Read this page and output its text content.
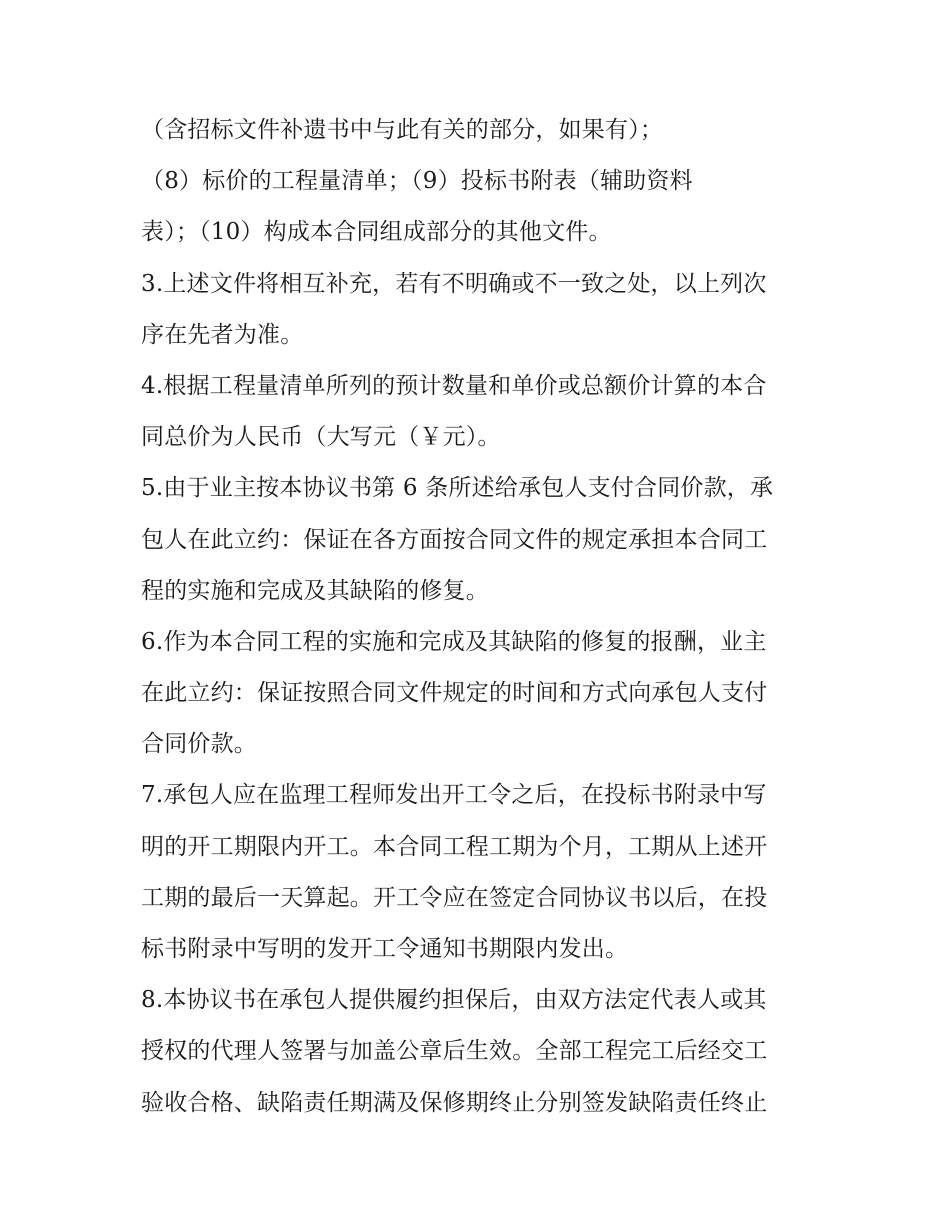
（含招标文件补遗书中与此有关的部分，如果有）；
（8）标价的工程量清单；（9）投标书附表（辅助资料
表）；（10）构成本合同组成部分的其他文件。
3.上述文件将相互补充，若有不明确或不一致之处，以上列次
序在先者为准。
4.根据工程量清单所列的预计数量和单价或总额价计算的本合
同总价为人民币（大写元（￥元）。
5.由于业主按本协议书第 6 条所述给承包人支付合同价款，承
包人在此立约：保证在各方面按合同文件的规定承担本合同工
程的实施和完成及其缺陷的修复。
6.作为本合同工程的实施和完成及其缺陷的修复的报酬，业主
在此立约：保证按照合同文件规定的时间和方式向承包人支付
合同价款。
7.承包人应在监理工程师发出开工令之后，在投标书附录中写
明的开工期限内开工。本合同工程工期为个月，工期从上述开
工期的最后一天算起。开工令应在签定合同协议书以后，在投
标书附录中写明的发开工令通知书期限内发出。
8.本协议书在承包人提供履约担保后，由双方法定代表人或其
授权的代理人签署与加盖公章后生效。全部工程完工后经交工
验收合格、缺陷责任期满及保修期终止分别签发缺陷责任终止
